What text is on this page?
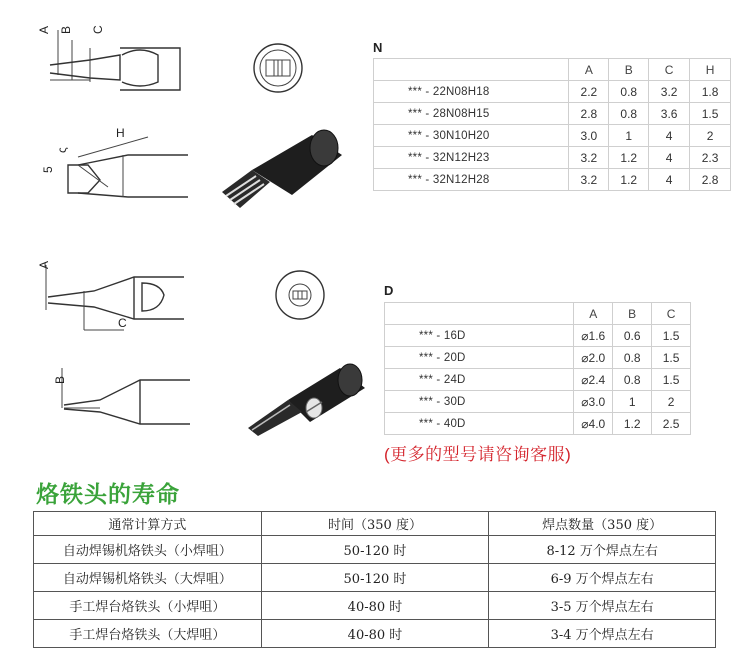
A B C
5
ς
H
N
	A	B	C	H
*** - 22N08H18	2.2	0.8	3.2	1.8
*** - 28N08H15	2.8	0.8	3.6	1.5
*** - 30N10H20	3.0	1	4	2
*** - 32N12H23	3.2	1.2	4	2.3
*** - 32N12H28	3.2	1.2	4	2.8
A
C
B
D
	A	B	C
*** - 16D	⌀1.6	0.6	1.5
*** - 20D	⌀2.0	0.8	1.5
*** - 24D	⌀2.4	0.8	1.5
*** - 30D	⌀3.0	1	2
*** - 40D	⌀4.0	1.2	2.5
(更多的型号请咨询客服)
烙铁头的寿命
通常计算方式	时间（350 度）	焊点数量（350 度）
自动焊锡机烙铁头（小焊咀）	50-120 时	8-12 万个焊点左右
自动焊锡机烙铁头（大焊咀）	50-120 时	6-9 万个焊点左右
手工焊台烙铁头（小焊咀）	40-80 时	3-5 万个焊点左右
手工焊台烙铁头（大焊咀）	40-80 时	3-4 万个焊点左右
